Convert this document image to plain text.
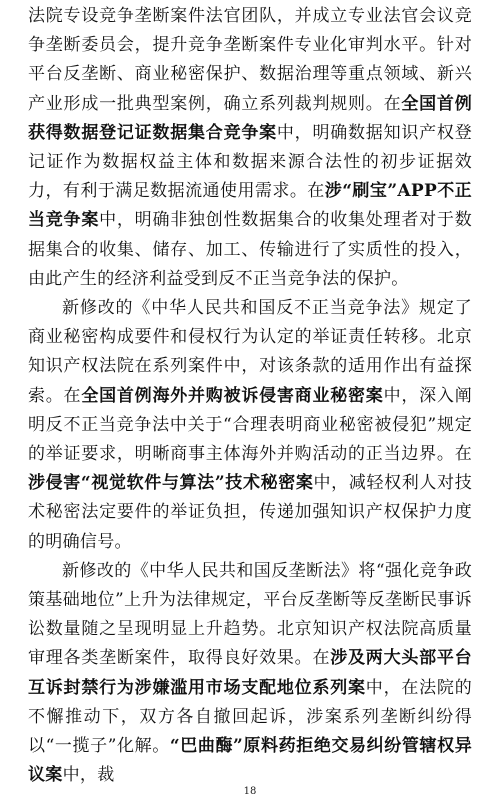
法院专设竞争垄断案件法官团队，并成立专业法官会议竞争垄断委员会，提升竞争垄断案件专业化审判水平。针对平台反垄断、商业秘密保护、数据治理等重点领域、新兴产业形成一批典型案例，确立系列裁判规则。在全国首例获得数据登记证数据集合竞争案中，明确数据知识产权登记证作为数据权益主体和数据来源合法性的初步证据效力，有利于满足数据流通使用需求。在涉“刷宝”APP不正当竞争案中，明确非独创性数据集合的收集处理者对于数据集合的收集、储存、加工、传输进行了实质性的投入，由此产生的经济利益受到反不正当竞争法的保护。

新修改的《中华人民共和国反不正当竞争法》规定了商业秘密构成要件和侵权行为认定的举证责任转移。北京知识产权法院在系列案件中，对该条款的适用作出有益探索。在全国首例海外并购被诉侵害商业秘密案中，深入阐明反不正当竞争法中关于“合理表明商业秘密被侵犯”规定的举证要求，明晰商事主体海外并购活动的正当边界。在涉侵害“视觉软件与算法”技术秘密案中，减轻权利人对技术秘密法定要件的举证负担，传递加强知识产权保护力度的明确信号。

新修改的《中华人民共和国反垄断法》将“强化竞争政策基础地位”上升为法律规定，平台反垄断等反垄断民事诉讼数量随之呈现明显上升趋势。北京知识产权法院高质量审理各类垄断案件，取得良好效果。在涉及两大头部平台互诉封禁行为涉嫌滥用市场支配地位系列案中，在法院的不懈推动下，双方各自撤回起诉，涉案系列垄断纠纷得以“一揽子”化解。“巴曲酶”原料药拒绝交易纠纷管辖权异议案中，裁

18
